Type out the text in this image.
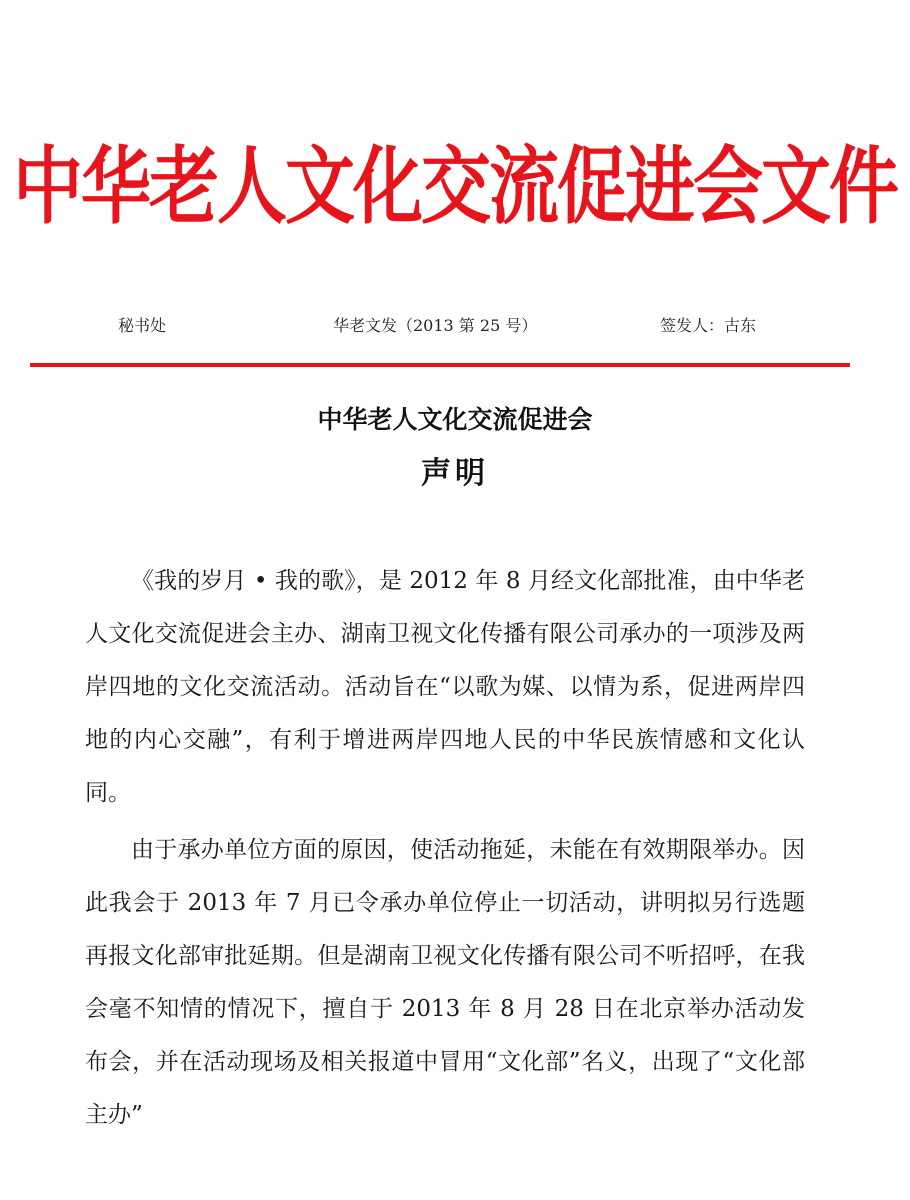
中华老人文化交流促进会文件
秘书处	华老文发（2013 第 25 号）	签发人：古东
中华老人文化交流促进会
声明

《我的岁月 • 我的歌》，是 2012 年 8 月经文化部批准，由中华老人文化交流促进会主办、湖南卫视文化传播有限公司承办的一项涉及两岸四地的文化交流活动。活动旨在“以歌为媒、以情为系，促进两岸四地的内心交融”，有利于增进两岸四地人民的中华民族情感和文化认同。

由于承办单位方面的原因，使活动拖延，未能在有效期限举办。因此我会于 2013 年 7 月已令承办单位停止一切活动，讲明拟另行选题再报文化部审批延期。但是湖南卫视文化传播有限公司不听招呼，在我会毫不知情的情况下，擅自于 2013 年 8 月 28 日在北京举办活动发布会，并在活动现场及相关报道中冒用“文化部”名义，出现了“文化部主办”
